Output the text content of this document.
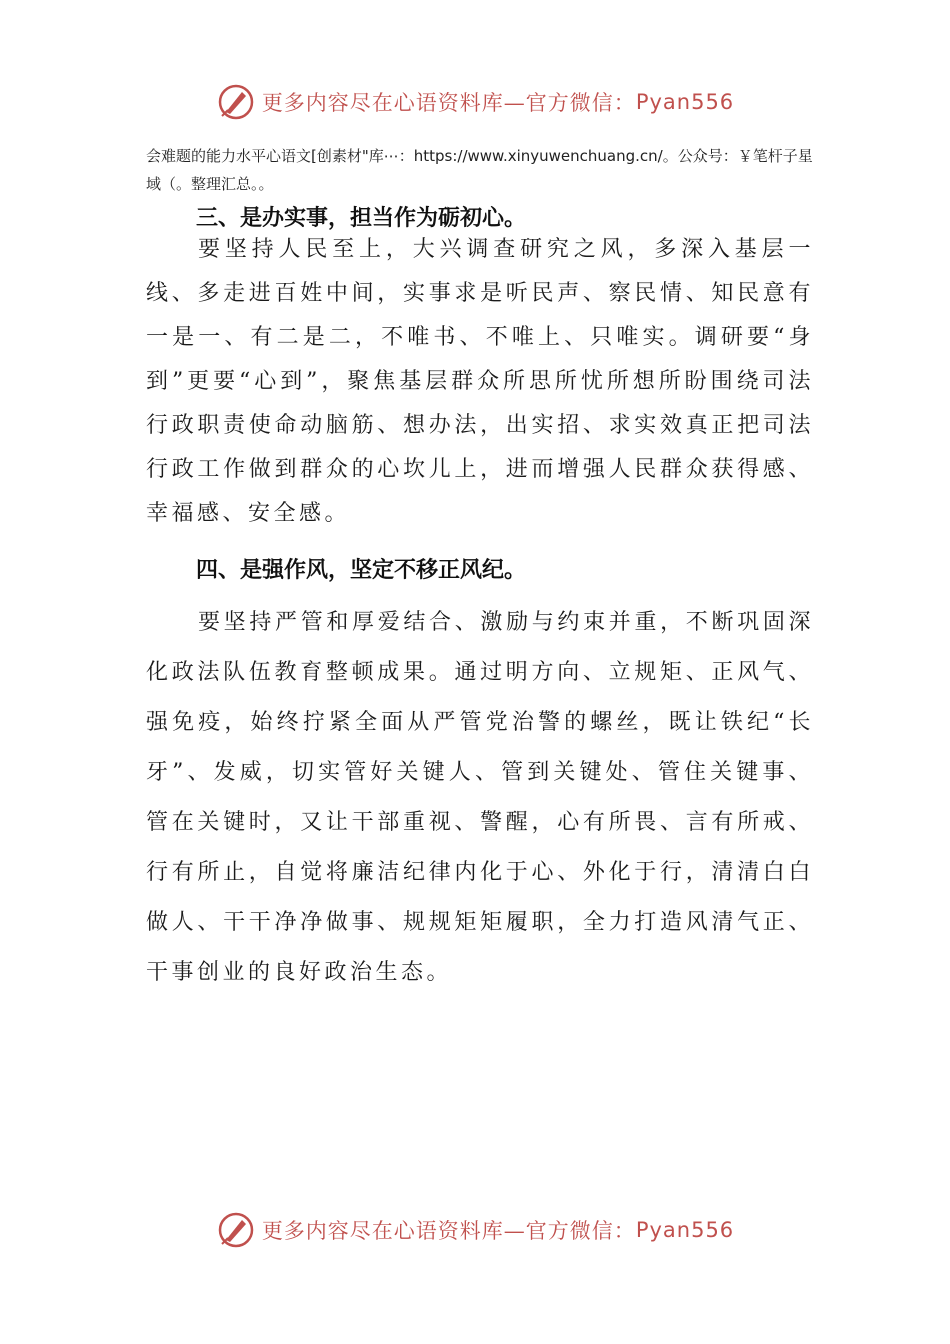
更多内容尽在心语资料库—官方微信： Pyan556
会难题的能力水平心语文[创素材"库⋯：https://www.xinyuwenchuang.cn/。公众号：￥笔杆子星域（。整理汇总。。
三、是办实事，担当作为砺初心。
要坚持人民至上，大兴调查研究之风，多深入基层一线、多走进百姓中间，实事求是听民声、察民情、知民意有一是一、有二是二，不唯书、不唯上、只唯实。调研要“身到”更要“心到”，聚焦基层群众所思所忧所想所盼围绕司法行政职责使命动脑筋、想办法，出实招、求实效真正把司法行政工作做到群众的心坎儿上，进而增强人民群众获得感、幸福感、安全感。
四、是强作风，坚定不移正风纪。
要坚持严管和厚爱结合、激励与约束并重，不断巩固深化政法队伍教育整顿成果。通过明方向、立规矩、正风气、强免疫，始终拧紧全面从严管党治警的螺丝，既让铁纪“长牙”、发威，切实管好关键人、管到关键处、管住关键事、管在关键时，又让干部重视、警醒，心有所畏、言有所戒、行有所止，自觉将廉洁纪律内化于心、外化于行，清清白白做人、干干净净做事、规规矩矩履职，全力打造风清气正、干事创业的良好政治生态。
更多内容尽在心语资料库—官方微信： Pyan556
